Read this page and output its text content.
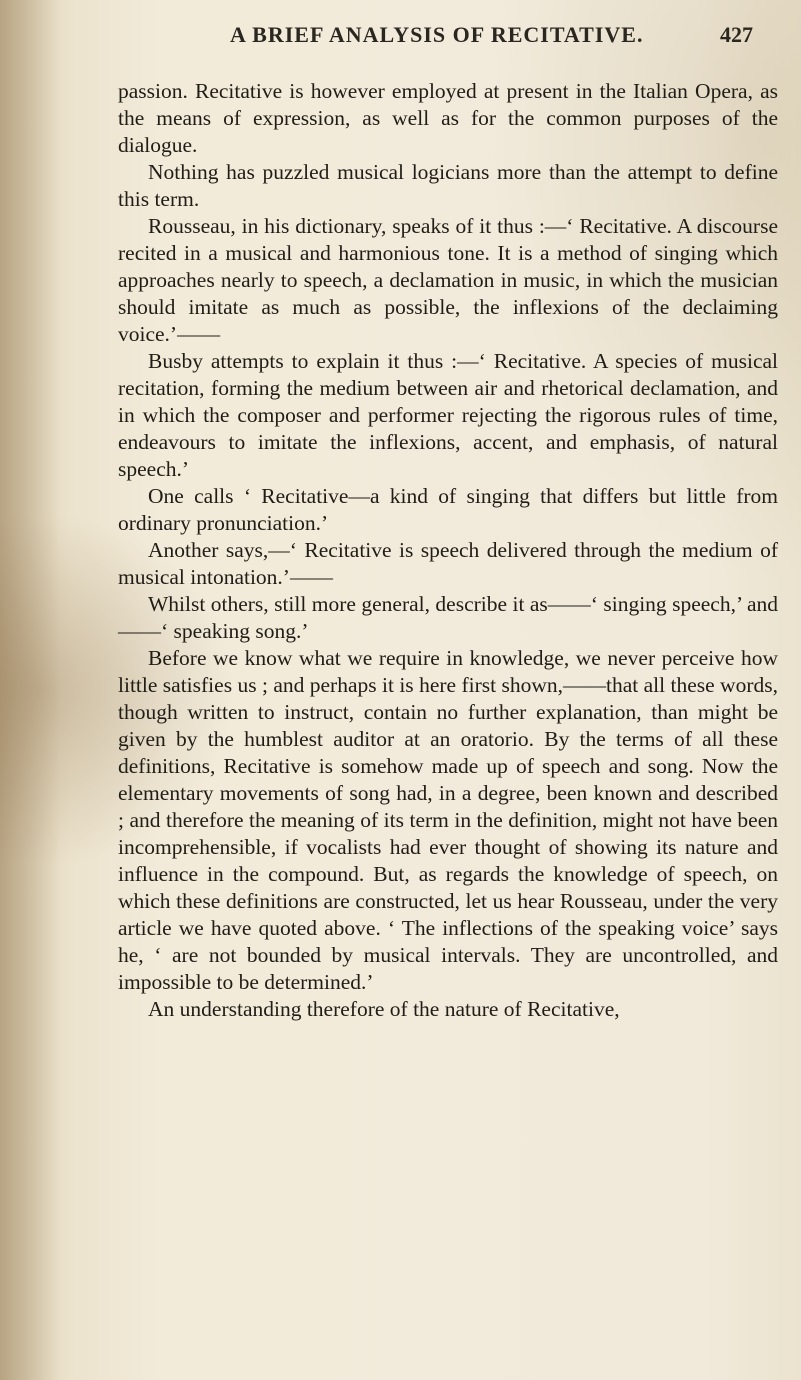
A BRIEF ANALYSIS OF RECITATIVE.	427

passion. Recitative is however employed at present in the Italian Opera, as the means of expression, as well as for the common purposes of the dialogue.

Nothing has puzzled musical logicians more than the attempt to define this term.

Rousseau, in his dictionary, speaks of it thus :—‘ Recitative. A discourse recited in a musical and harmonious tone. It is a method of singing which approaches nearly to speech, a declamation in music, in which the musician should imitate as much as possible, the inflexions of the declaiming voice.’——

Busby attempts to explain it thus :—‘ Recitative. A species of musical recitation, forming the medium between air and rhetorical declamation, and in which the composer and performer rejecting the rigorous rules of time, endeavours to imitate the inflexions, accent, and emphasis, of natural speech.’

One calls ‘ Recitative—a kind of singing that differs but little from ordinary pronunciation.’

Another says,—‘ Recitative is speech delivered through the medium of musical intonation.’——

Whilst others, still more general, describe it as——‘ singing speech,’ and——‘ speaking song.’

Before we know what we require in knowledge, we never perceive how little satisfies us ; and perhaps it is here first shown,——that all these words, though written to instruct, contain no further explanation, than might be given by the humblest auditor at an oratorio. By the terms of all these definitions, Recitative is somehow made up of speech and song. Now the elementary movements of song had, in a degree, been known and described ; and therefore the meaning of its term in the definition, might not have been incomprehensible, if vocalists had ever thought of showing its nature and influence in the compound. But, as regards the knowledge of speech, on which these definitions are constructed, let us hear Rousseau, under the very article we have quoted above. ‘ The inflections of the speaking voice’ says he, ‘ are not bounded by musical intervals. They are uncontrolled, and impossible to be determined.’

An understanding therefore of the nature of Recitative,
